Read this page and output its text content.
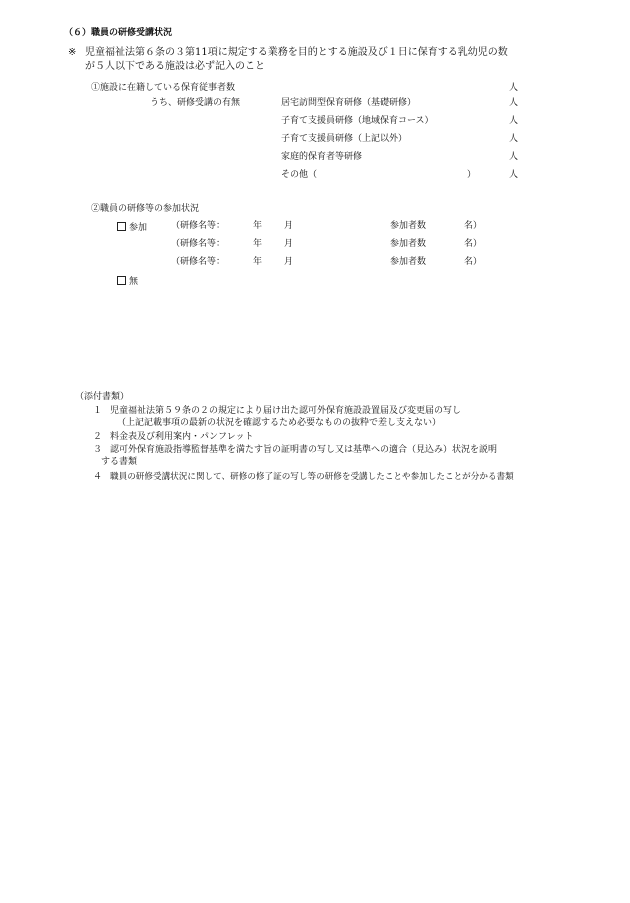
（６）職員の研修受講状況
※ 児童福祉法第６条の３第11項に規定する業務を目的とする施設及び１日に保育する乳幼児の数
が５人以下である施設は必ず記入のこと
①施設に在籍している保育従事者数	人
うち、研修受講の有無	居宅訪問型保育研修（基礎研修）	人
子育て支援員研修（地域保育コース）	人
子育て支援員研修（上記以外）	人
家庭的保育者等研修	人
その他（	）	人
②職員の研修等の参加状況
参加	（研修名等：	年 月	参加者数	名）
（研修名等：	年 月	参加者数	名）
（研修名等：	年 月	参加者数	名）
無
（添付書類）
１ 児童福祉法第５９条の２の規定により届け出た認可外保育施設設置届及び変更届の写し
（上記記載事項の最新の状況を確認するため必要なものの抜粋で差し支えない）
２ 料金表及び利用案内・パンフレット
３ 認可外保育施設指導監督基準を満たす旨の証明書の写し又は基準への適合（見込み）状況を説明
する書類
４ 職員の研修受講状況に関して、研修の修了証の写し等の研修を受講したことや参加したことが分かる書類
